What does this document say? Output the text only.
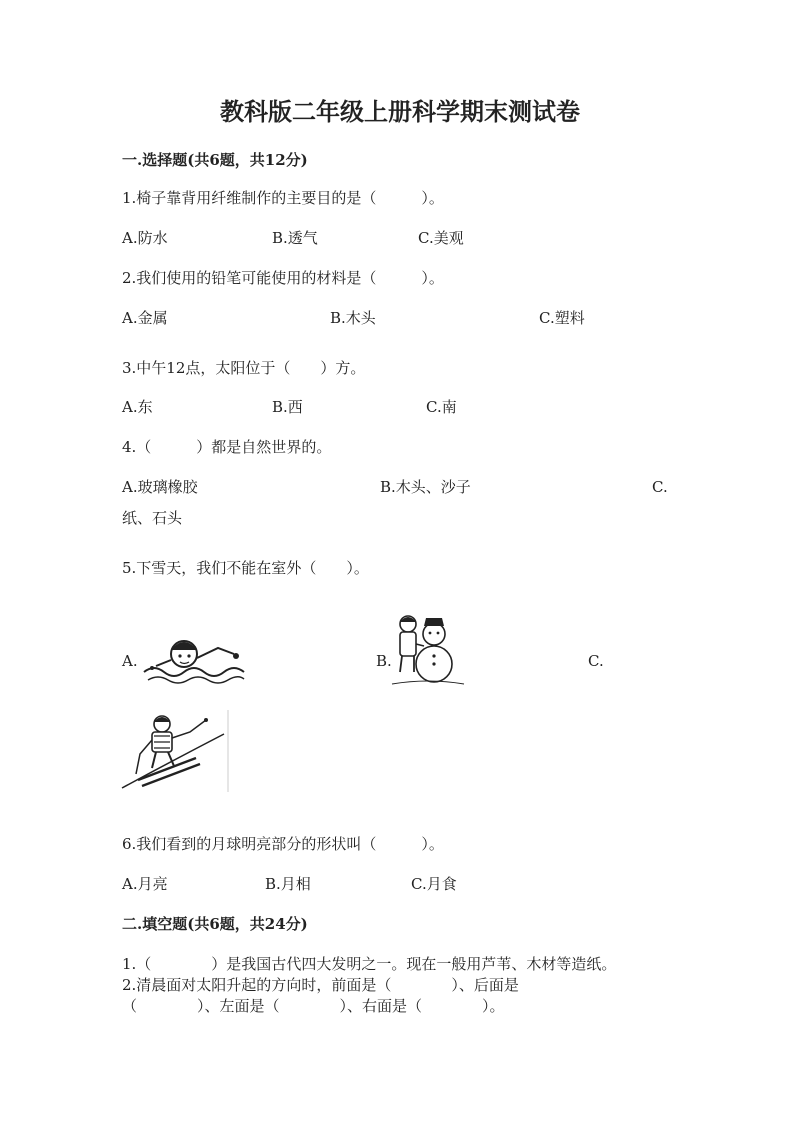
教科版二年级上册科学期末测试卷
一.选择题(共6题，共12分)
1.椅子靠背用纤维制作的主要目的是（　　　）。
A.防水	B.透气	C.美观
2.我们使用的铅笔可能使用的材料是（　　　）。
A.金属	B.木头	C.塑料
3.中午12点，太阳位于（　　）方。
A.东	B.西	C.南
4.（　　　）都是自然世界的。
A.玻璃橡胶	B.木头、沙子	C.
纸、石头
5.下雪天，我们不能在室外（　　）。
A.	B.	C.
6.我们看到的月球明亮部分的形状叫（　　　）。
A.月亮	B.月相	C.月食
二.填空题(共6题，共24分)
1.（　　　　）是我国古代四大发明之一。现在一般用芦苇、木材等造纸。
2.清晨面对太阳升起的方向时，前面是（　　　　）、后面是
（　　　　）、左面是（　　　　）、右面是（　　　　）。
